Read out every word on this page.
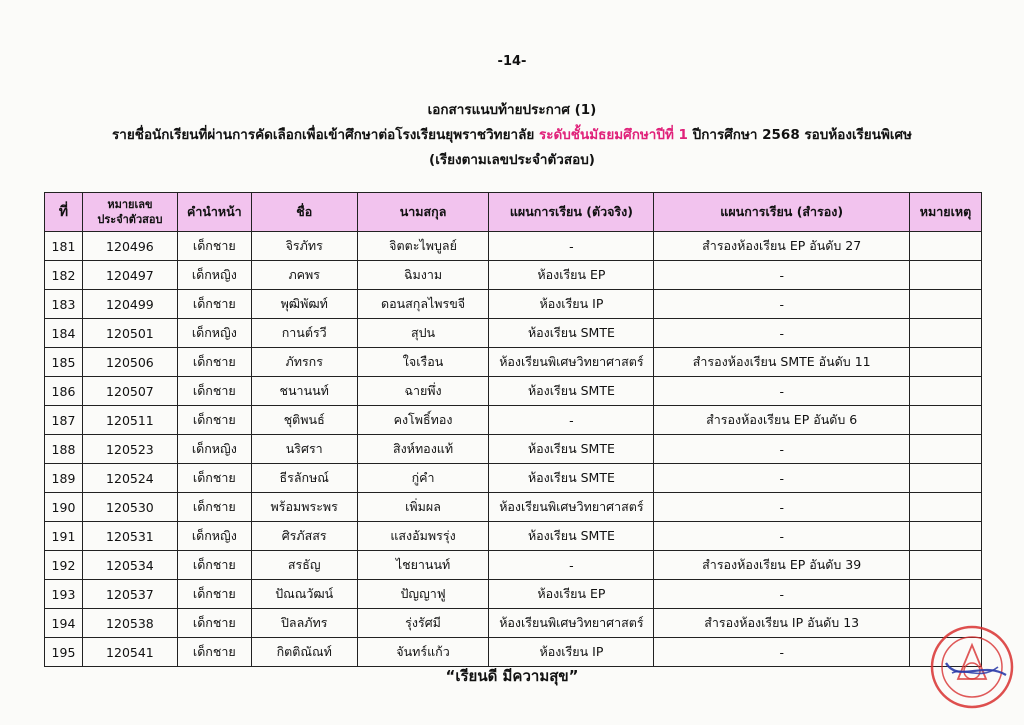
-14-
เอกสารแนบท้ายประกาศ (1)
รายชื่อนักเรียนที่ผ่านการคัดเลือกเพื่อเข้าศึกษาต่อโรงเรียนยุพราชวิทยาลัย ระดับชั้นมัธยมศึกษาปีที่ 1 ปีการศึกษา 2568 รอบห้องเรียนพิเศษ
(เรียงตามเลขประจำตัวสอบ)
ที่	หมายเลข
ประจำตัวสอบ	คำนำหน้า	ชื่อ	นามสกุล	แผนการเรียน (ตัวจริง)	แผนการเรียน (สำรอง)	หมายเหตุ
181	120496	เด็กชาย	จิรภัทร	จิตตะไพบูลย์	-	สำรองห้องเรียน EP อันดับ 27	
182	120497	เด็กหญิง	ภคพร	ฉิมงาม	ห้องเรียน EP	-	
183	120499	เด็กชาย	พุฒิพัฒท์	ดอนสกุลไพรขจี	ห้องเรียน IP	-	
184	120501	เด็กหญิง	กานต์รวี	สุปน	ห้องเรียน SMTE	-	
185	120506	เด็กชาย	ภัทรกร	ใจเรือน	ห้องเรียนพิเศษวิทยาศาสตร์	สำรองห้องเรียน SMTE อันดับ 11	
186	120507	เด็กชาย	ชนานนท์	ฉายพึ่ง	ห้องเรียน SMTE	-	
187	120511	เด็กชาย	ชุติพนธ์	คงโพธิ์ทอง	-	สำรองห้องเรียน EP อันดับ 6	
188	120523	เด็กหญิง	นริศรา	สิงห์ทองแท้	ห้องเรียน SMTE	-	
189	120524	เด็กชาย	ธีรลักษณ์	กู่คำ	ห้องเรียน SMTE	-	
190	120530	เด็กชาย	พร้อมพระพร	เพิ่มผล	ห้องเรียนพิเศษวิทยาศาสตร์	-	
191	120531	เด็กหญิง	ศิรภัสสร	แสงอัมพรรุ่ง	ห้องเรียน SMTE	-	
192	120534	เด็กชาย	สรธัญ	ไชยานนท์	-	สำรองห้องเรียน EP อันดับ 39	
193	120537	เด็กชาย	ปัณณวัฒน์	ปัญญาฟู	ห้องเรียน EP	-	
194	120538	เด็กชาย	ปิลลภัทร	รุ่งรัศมี	ห้องเรียนพิเศษวิทยาศาสตร์	สำรองห้องเรียน IP อันดับ 13	
195	120541	เด็กชาย	กิตติณัณท์	จันทร์แก้ว	ห้องเรียน IP	-	
“เรียนดี มีความสุข”
